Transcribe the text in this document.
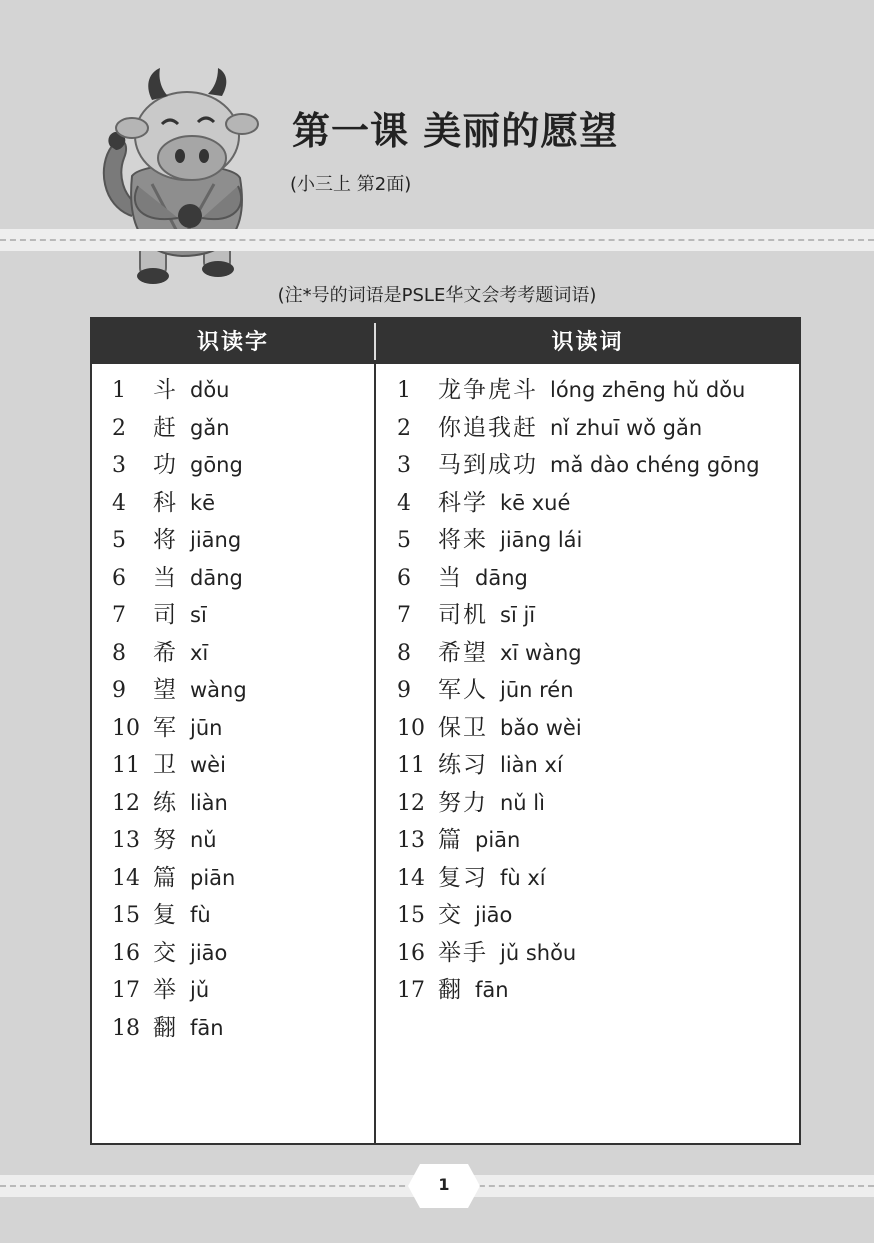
第一课 美丽的愿望
(小三上 第2面)
(注*号的词语是PSLE华文会考考题词语)
识读字	识读词
1 斗 dǒu
2 赶 gǎn
3 功 gōng
4 科 kē
5 将 jiāng
6 当 dāng
7 司 sī
8 希 xī
9 望 wàng
10 军 jūn
11 卫 wèi
12 练 liàn
13 努 nǔ
14 篇 piān
15 复 fù
16 交 jiāo
17 举 jǔ
18 翻 fān
1 龙争虎斗 lóng zhēng hǔ dǒu
2 你追我赶 nǐ zhuī wǒ gǎn
3 马到成功 mǎ dào chéng gōng
4 科学 kē xué
5 将来 jiāng lái
6 当 dāng
7 司机 sī jī
8 希望 xī wàng
9 军人 jūn rén
10 保卫 bǎo wèi
11 练习 liàn xí
12 努力 nǔ lì
13 篇 piān
14 复习 fù xí
15 交 jiāo
16 举手 jǔ shǒu
17 翻 fān
1
